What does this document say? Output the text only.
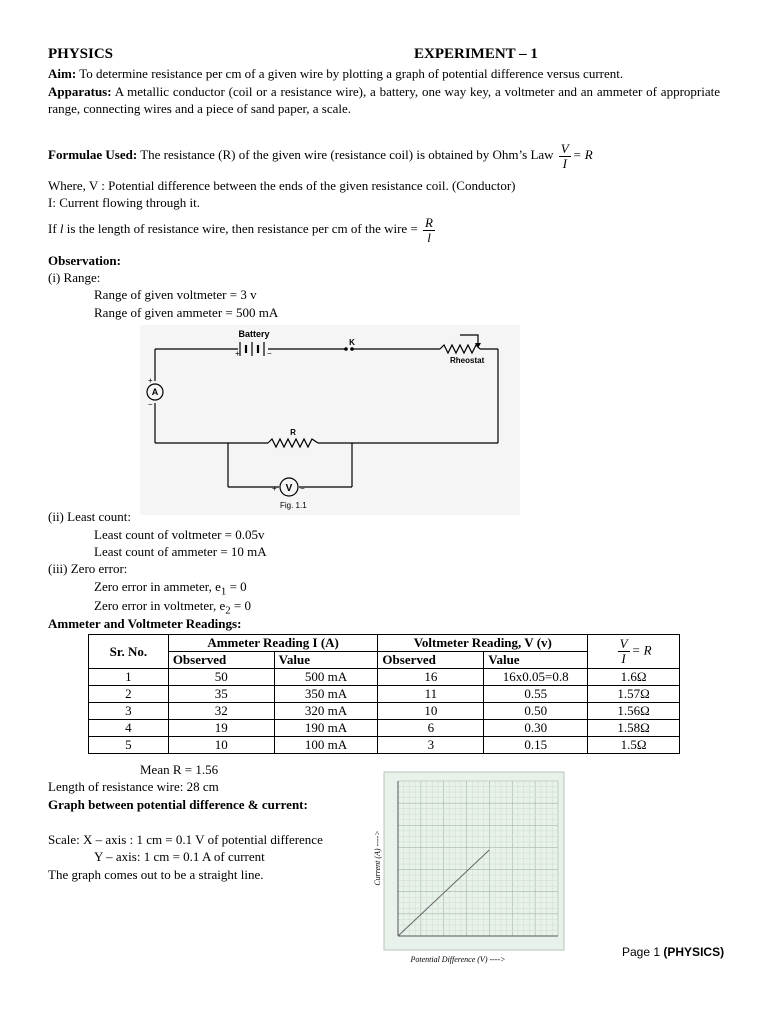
PHYSICS	EXPERIMENT – 1
Aim: To determine resistance per cm of a given wire by plotting a graph of potential difference versus current.
Apparatus: A metallic conductor (coil or a resistance wire), a battery, one way key, a voltmeter and an ammeter of appropriate range, connecting wires and a piece of sand paper, a scale.
Formulae Used: The resistance (R) of the given wire (resistance coil) is obtained by Ohm’s Law $\frac{V}{I} = R$
Where, V : Potential difference between the ends of the given resistance coil. (Conductor)
I: Current flowing through it.
If l is the length of resistance wire, then resistance per cm of the wire = $\frac{R}{l}$
Observation:
(i) Range:
Range of given voltmeter = 3 v
Range of given ammeter = 500 mA
Battery
K
Rheostat
A
V
R
+	−
+
−
+	−
Fig. 1.1
(ii) Least count:
Least count of voltmeter = 0.05v
Least count of ammeter = 10 mA
(iii) Zero error:
Zero error in ammeter, $e_1 = 0$
Zero error in voltmeter, $e_2 = 0$
Ammeter and Voltmeter Readings:
Sr. No.	Ammeter Reading I (A)		Voltmeter Reading, V (v)		$\frac{V}{I} = R$
	Observed	Value	Observed	Value	
1	50	500 mA	16	16x0.05=0.8	1.6Ω
2	35	350 mA	11	0.55	1.57Ω
3	32	320 mA	10	0.50	1.56Ω
4	19	190 mA	6	0.30	1.58Ω
5	10	100 mA	3	0.15	1.5Ω
Mean R = 1.56
Length of resistance wire: 28 cm
Graph between potential difference & current:
Scale: X – axis : 1 cm = 0.1 V of potential difference
Y – axis: 1 cm = 0.1 A of current
The graph comes out to be a straight line.
Potential Difference (V) ---->
Current (A) ---->
Page 1 (PHYSICS)
